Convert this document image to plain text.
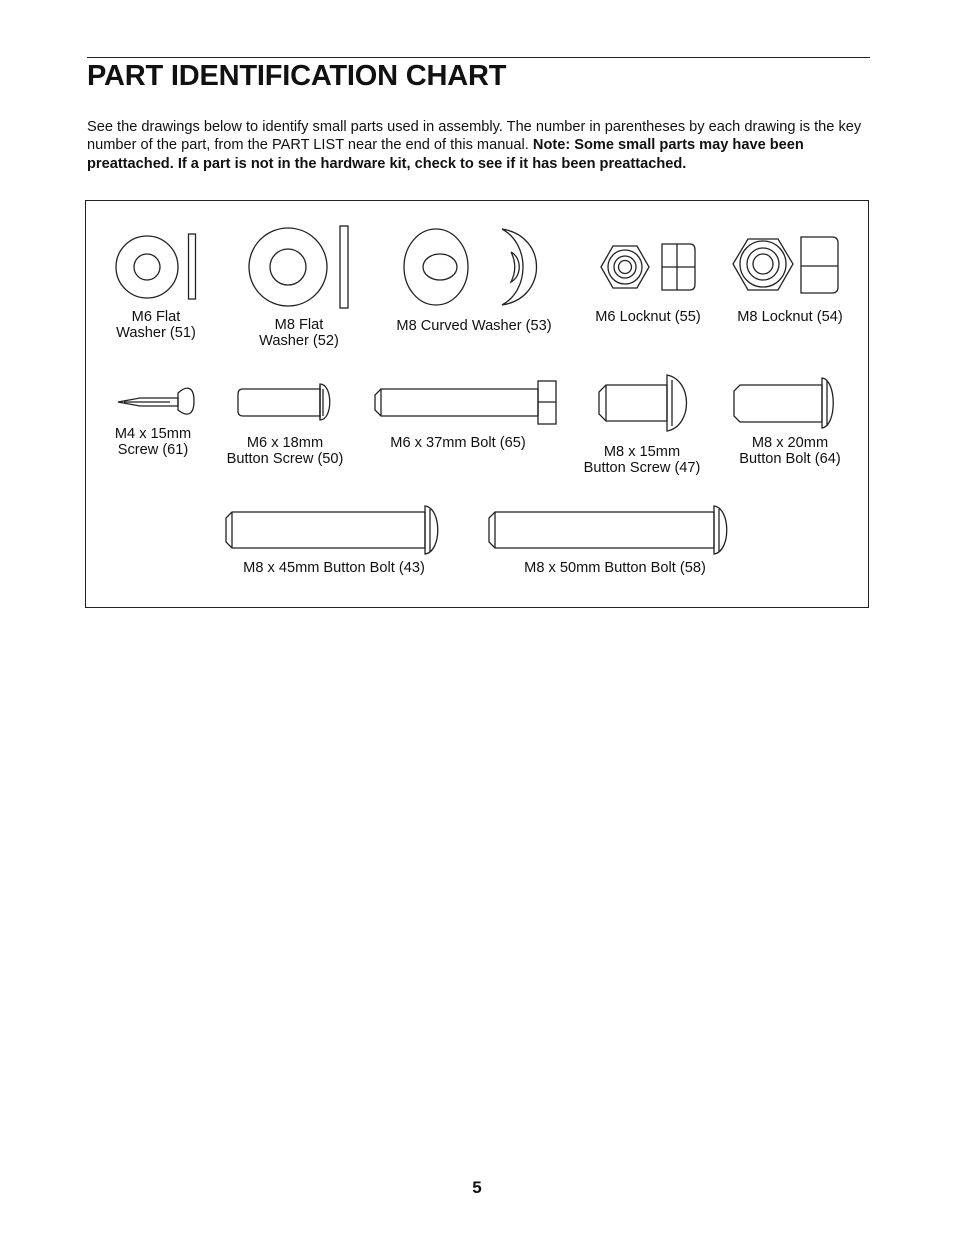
PART IDENTIFICATION CHART

See the drawings below to identify small parts used in assembly. The number in parentheses by each drawing is the key number of the part, from the PART LIST near the end of this manual. Note: Some small parts may have been preattached. If a part is not in the hardware kit, check to see if it has been preattached.

M6 Flat
Washer (51)	M8 Flat
Washer (52)
M8 Curved Washer (53)
M6 Locknut (55)	M8 Locknut (54)
M4 x 15mm
Screw (61)	M6 x 18mm
Button Screw (50)
M6 x 37mm Bolt (65)
M8 x 15mm
Button Screw (47)
M8 x 20mm
Button Bolt (64)
M8 x 45mm Button Bolt (43)	M8 x 50mm Button Bolt (58)
5
